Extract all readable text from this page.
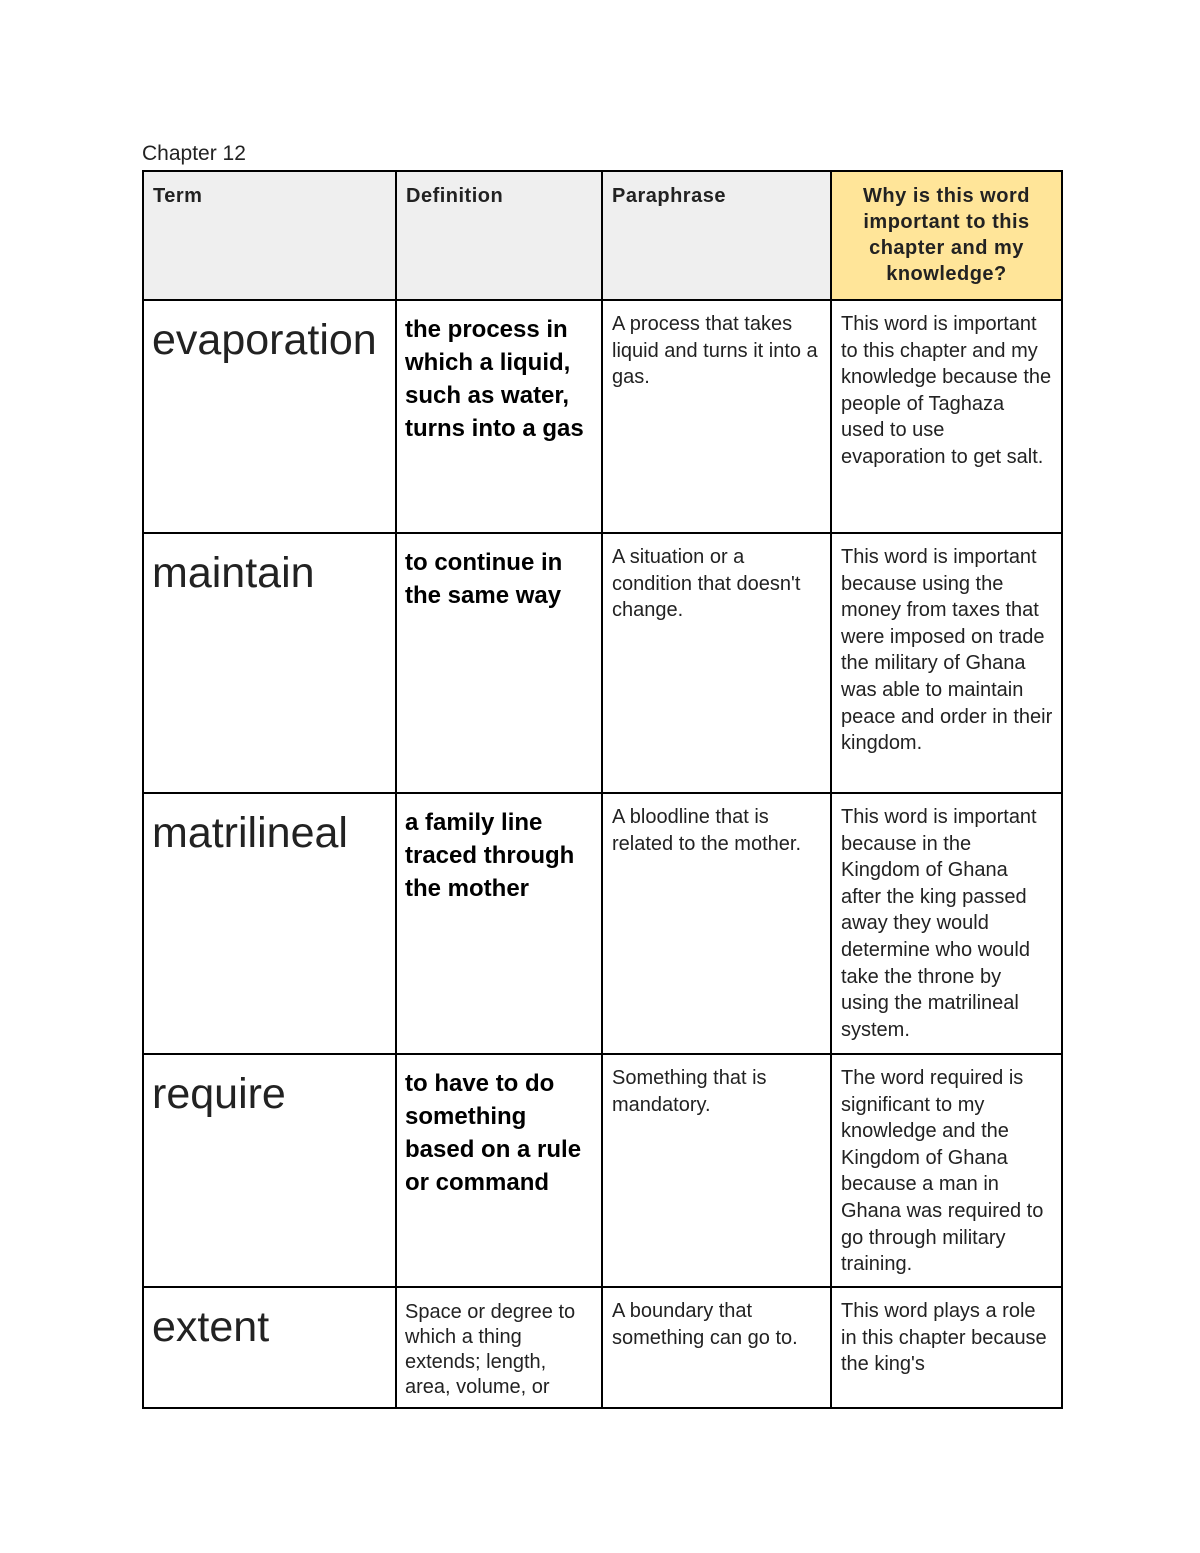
Chapter 12
Term	Definition	Paraphrase	Why is this word important to this chapter and my knowledge?

evaporation	the process in which a liquid, such as water, turns into a gas	A process that takes liquid and turns it into a gas.	This word is important to this chapter and my knowledge because the people of Taghaza used to use evaporation to get salt.

maintain	to continue in the same way	A situation or a condition that doesn't change.	This word is important because using the money from taxes that were imposed on trade the military of Ghana was able to maintain peace and order in their kingdom.

matrilineal	a family line traced through the mother	A bloodline that is related to the mother.	This word is important because in the Kingdom of Ghana after the king passed away they would determine who would take the throne by using the matrilineal system.

require	to have to do something based on a rule or command	Something that is mandatory.	The word required is significant to my knowledge and the Kingdom of Ghana because a man in Ghana was required to go through military training.

extent	Space or degree to which a thing extends; length, area, volume, or	A boundary that something can go to.	This word plays a role in this chapter because the king's
